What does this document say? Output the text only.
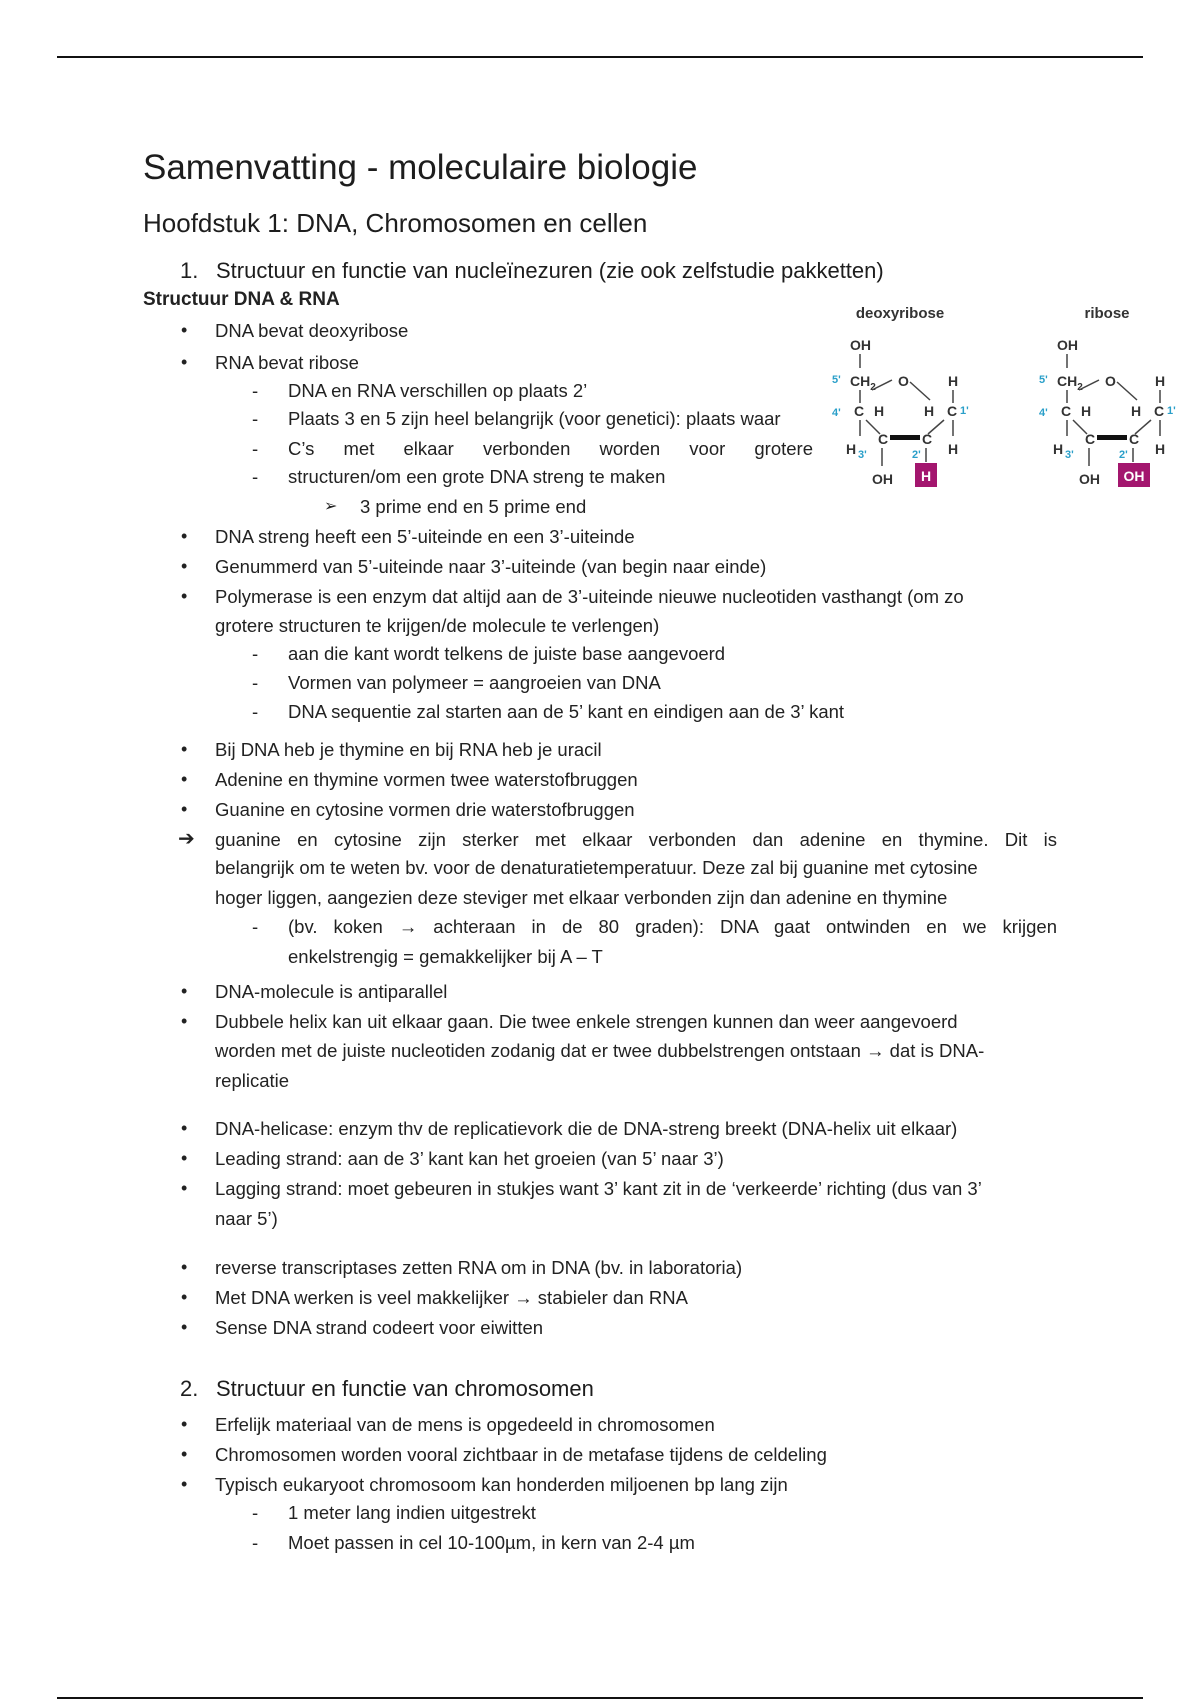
Samenvatting - moleculaire biologie
Hoofdstuk 1: DNA, Chromosomen en cellen
1. Structuur en functie van nucleïnezuren (zie ook zelfstudie pakketten)
Structuur DNA & RNA
• DNA bevat deoxyribose
• RNA bevat ribose
- DNA en RNA verschillen op plaats 2’
- Plaats 3 en 5 zijn heel belangrijk (voor genetici): plaats waar
- C’s met elkaar verbonden worden voor grotere
- structuren/om een grote DNA streng te maken
➢ 3 prime end en 5 prime end
• DNA streng heeft een 5’-uiteinde en een 3’-uiteinde
• Genummerd van 5’-uiteinde naar 3’-uiteinde (van begin naar einde)
• Polymerase is een enzym dat altijd aan de 3’-uiteinde nieuwe nucleotiden vasthangt (om zo
grotere structuren te krijgen/de molecule te verlengen)
- aan die kant wordt telkens de juiste base aangevoerd
- Vormen van polymeer = aangroeien van DNA
- DNA sequentie zal starten aan de 5’ kant en eindigen aan de 3’ kant
• Bij DNA heb je thymine en bij RNA heb je uracil
• Adenine en thymine vormen twee waterstofbruggen
• Guanine en cytosine vormen drie waterstofbruggen
➔ guanine en cytosine zijn sterker met elkaar verbonden dan adenine en thymine. Dit is
belangrijk om te weten bv. voor de denaturatietemperatuur. Deze zal bij guanine met cytosine
hoger liggen, aangezien deze steviger met elkaar verbonden zijn dan adenine en thymine
- (bv. koken → achteraan in de 80 graden): DNA gaat ontwinden en we krijgen
enkelstrengig = gemakkelijker bij A – T
• DNA-molecule is antiparallel
• Dubbele helix kan uit elkaar gaan. Die twee enkele strengen kunnen dan weer aangevoerd
worden met de juiste nucleotiden zodanig dat er twee dubbelstrengen ontstaan → dat is DNA-
replicatie
• DNA-helicase: enzym thv de replicatievork die de DNA-streng breekt (DNA-helix uit elkaar)
• Leading strand: aan de 3’ kant kan het groeien (van 5’ naar 3’)
• Lagging strand: moet gebeuren in stukjes want 3’ kant zit in de ‘verkeerde’ richting (dus van 3’
naar 5’)
• reverse transcriptases zetten RNA om in DNA (bv. in laboratoria)
• Met DNA werken is veel makkelijker → stabieler dan RNA
• Sense DNA strand codeert voor eiwitten
2. Structuur en functie van chromosomen
• Erfelijk materiaal van de mens is opgedeeld in chromosomen
• Chromosomen worden vooral zichtbaar in de metafase tijdens de celdeling
• Typisch eukaryoot chromosoom kan honderden miljoenen bp lang zijn
- 1 meter lang indien uitgestrekt
- Moet passen in cel 10-100µm, in kern van 2-4 µm
deoxyribose
OH
5' $CH_2$ O	H
4' C H	H C 1'
C C
H 3'	2' H
OH H
ribose
OH
5' $CH_2$ O	H
4' C H	H C 1'
C C
H 3'	2' H
OH OH
